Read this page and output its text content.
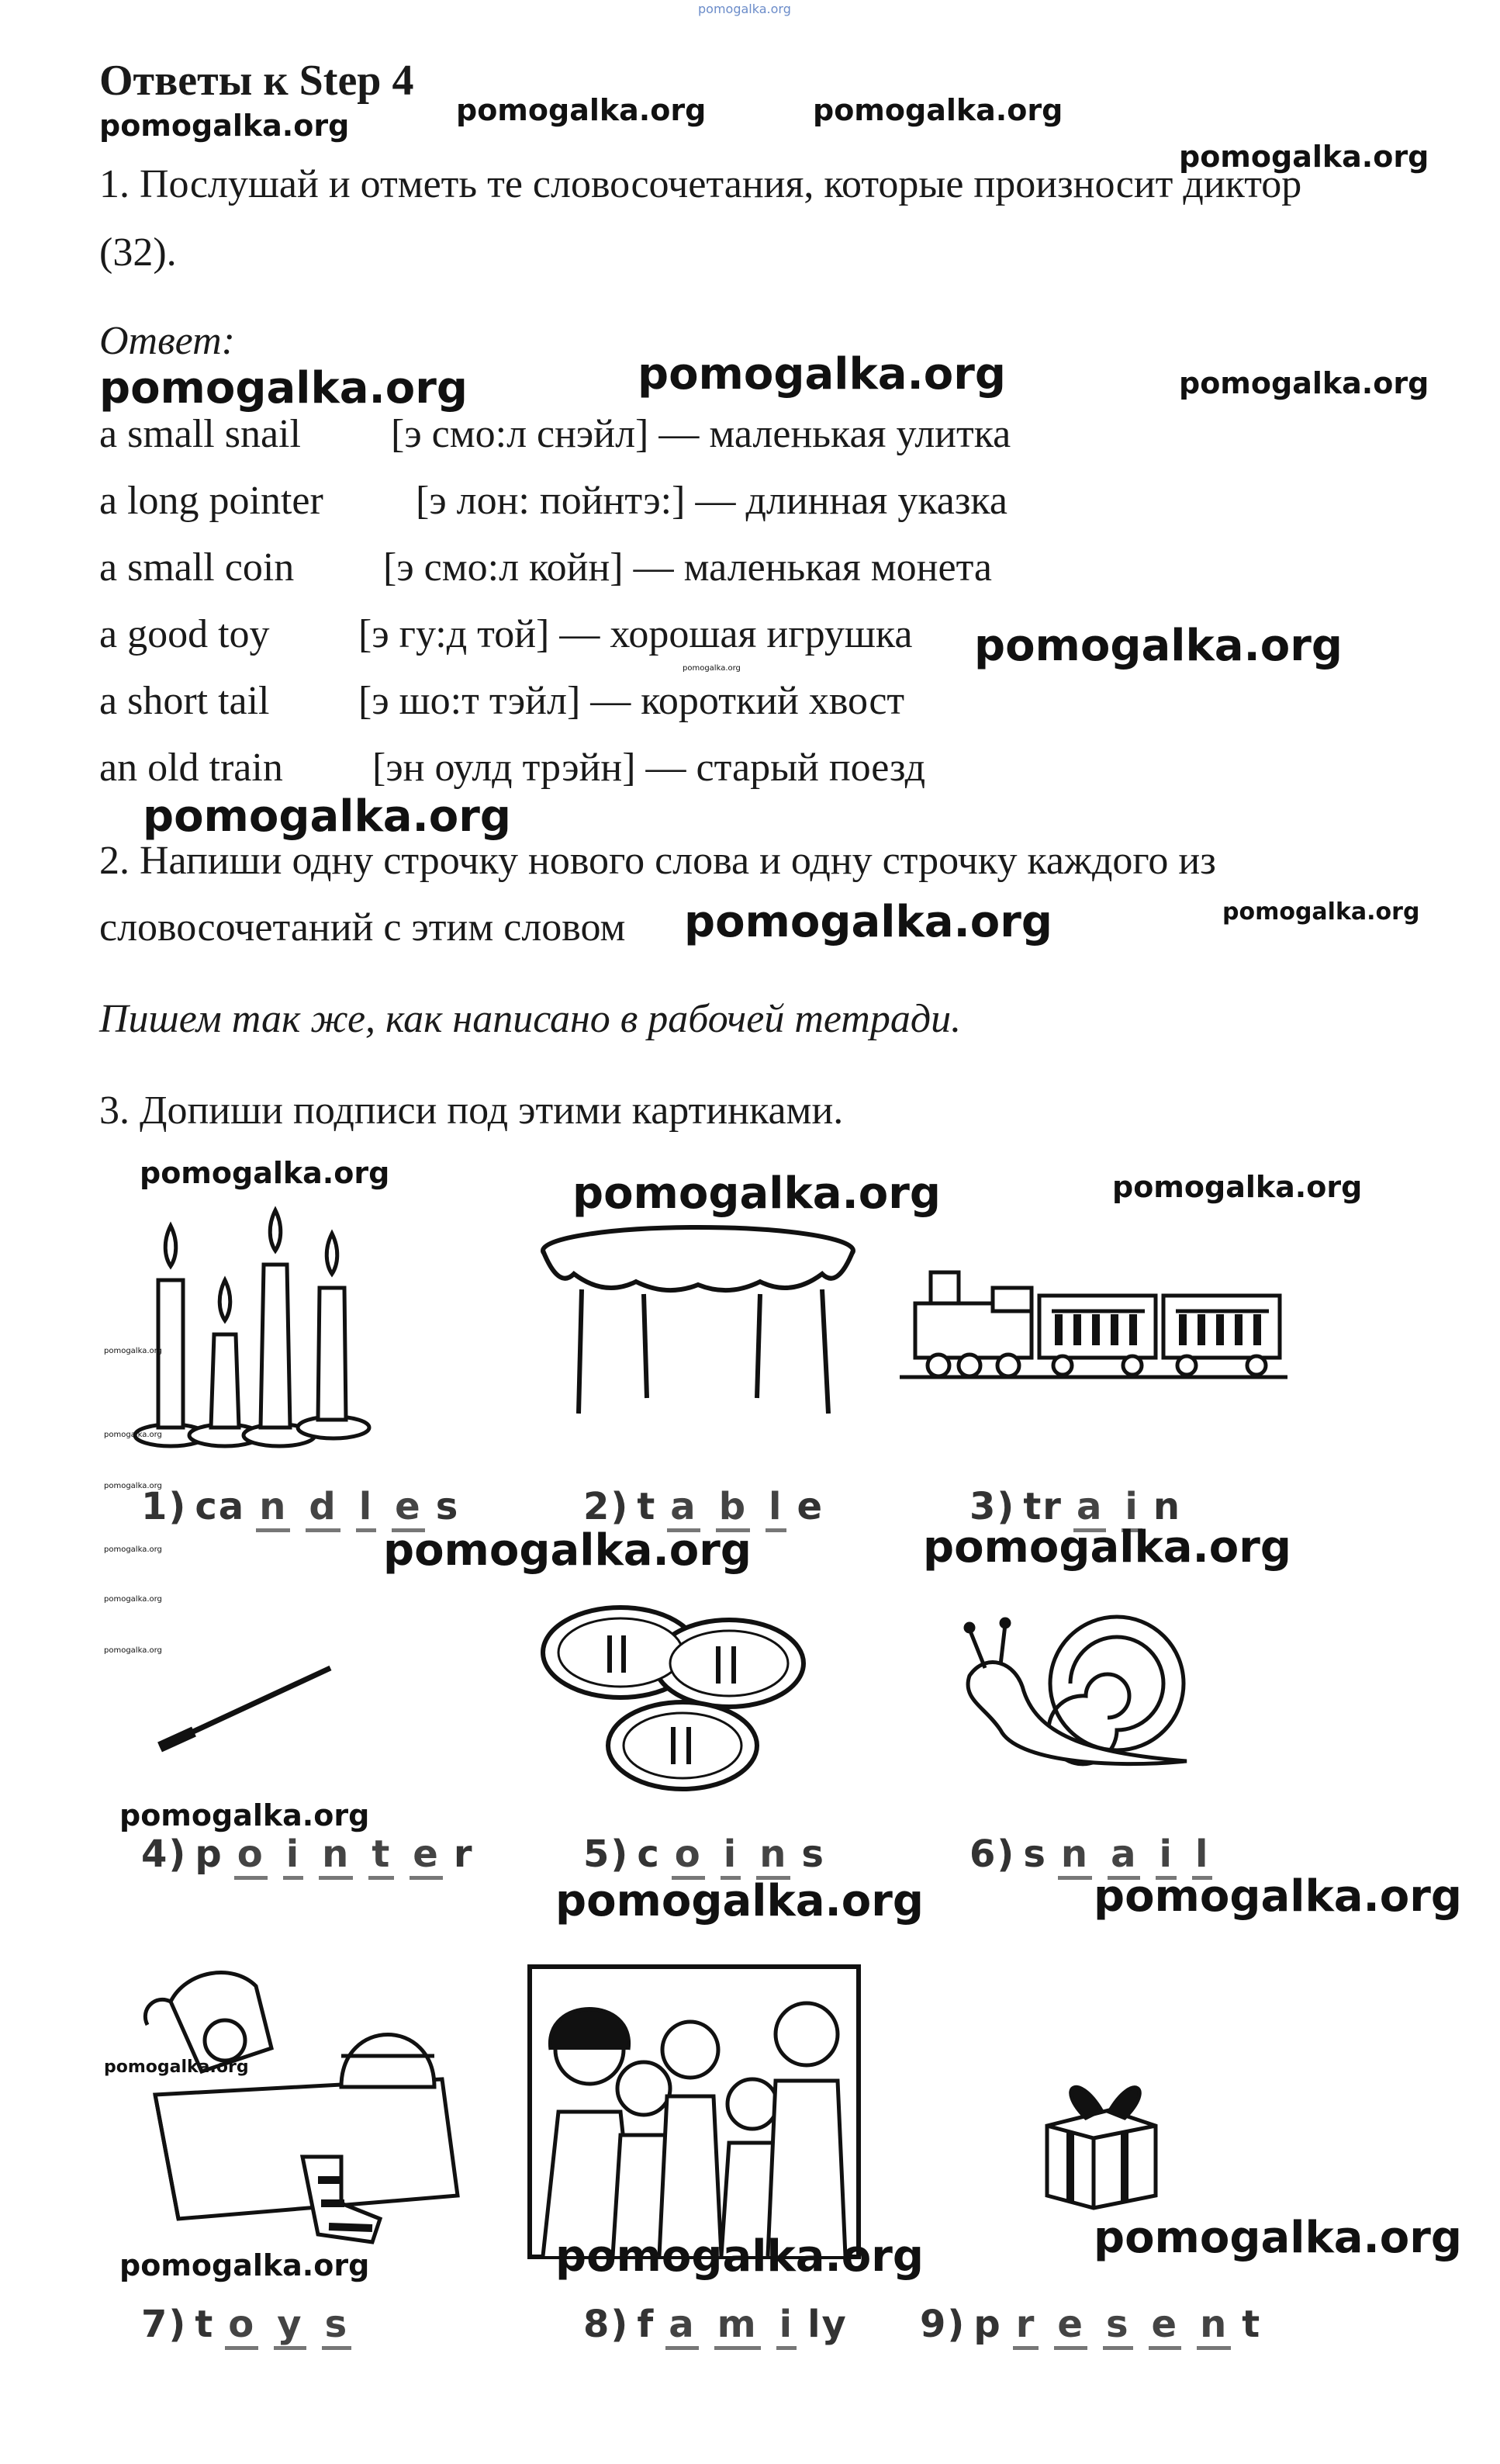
pomogalka.org
Ответы к Step 4
pomogalka.org	pomogalka.org	pomogalka.org
pomogalka.org
1. Послушай и отметь те словосочетания, которые произносит диктор
(32).
Ответ:
pomogalka.org	pomogalka.org	pomogalka.org
a small snail [э смо:л снэйл] — маленькая улитка
a long pointer [э лон: пойнтэ:] — длинная указка
a small coin [э смо:л койн] — маленькая монета
a good toy [э гу:д той] — хорошая игрушка
a short tail [э шо:т тэйл] — короткий хвост
an old train [эн оулд трэйн] — старый поезд
pomogalka.org
pomogalka.org
pomogalka.org
2. Напиши одну строчку нового слова и одну строчку каждого из
словосочетаний с этим словом pomogalka.org	pomogalka.org
Пишем так же, как написано в рабочей тетради.
3. Допиши подписи под этими картинками.
pomogalka.org	pomogalka.org	pomogalka.org
pomogalka.org
pomogalka.org
pomogalka.org
1) ca n d l e s	2) t a b l e	3) tr a i n
pomogalka.org	pomogalka.org
pomogalka.org
pomogalka.org
pomogalka.org
pomogalka.org
4) p o i n t e r	5) c o i n s	6) s n a i l
pomogalka.org	pomogalka.org
pomogalka.org
pomogalka.org
pomogalka.org	pomogalka.org
7) t o y s	8) f a m i ly 9) p r e s e n t
